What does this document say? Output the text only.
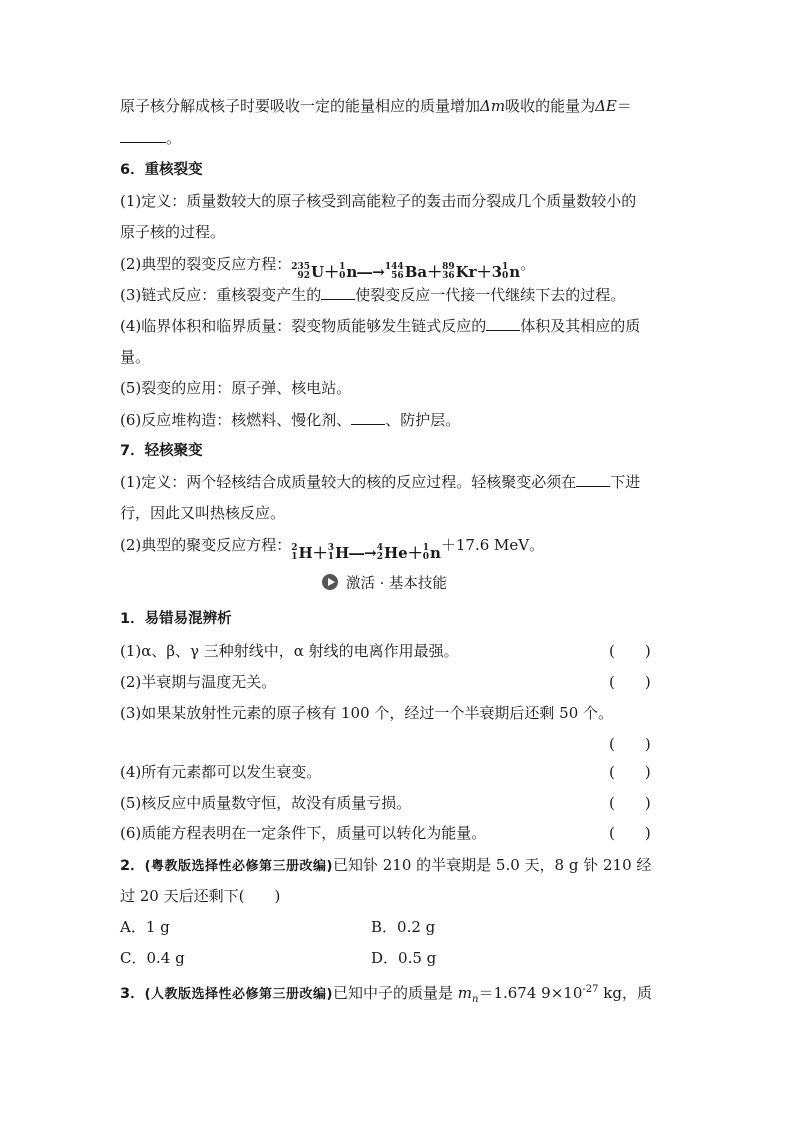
原子核分解成核子时要吸收一定的能量相应的质量增加Δm吸收的能量为ΔE＝
。
6．重核裂变
(1)定义：质量数较大的原子核受到高能粒子的轰击而分裂成几个质量数较小的
原子核的过程。
(2)典型的裂变反应方程： 235
92 U＋ 1
0 n―→ 144
56 Ba＋ 89
36 Kr＋3 1
0 n。
(3)链式反应：重核裂变产生的 使裂变反应一代接一代继续下去的过程。
(4)临界体积和临界质量：裂变物质能够发生链式反应的 体积及其相应的质
量。
(5)裂变的应用：原子弹、核电站。
(6)反应堆构造：核燃料、慢化剂、 、防护层。
7．轻核聚变
(1)定义：两个轻核结合成质量较大的核的反应过程。轻核聚变必须在 下进
行，因此又叫热核反应。
(2)典型的聚变反应方程： 2
1 H＋ 3
1 H―→ 4
2 He＋ 1
0 n＋17.6 MeV。
激活 · 基本技能
1．易错易混辨析
(1)α、β、γ 三种射线中，α 射线的电离作用最强。	(　　)
(2)半衰期与温度无关。	(　　)
(3)如果某放射性元素的原子核有 100 个，经过一个半衰期后还剩 50 个。
(　　)
(4)所有元素都可以发生衰变。	(　　)
(5)核反应中质量数守恒，故没有质量亏损。	(　　)
(6)质能方程表明在一定条件下，质量可以转化为能量。	(　　)
2．(粤教版选择性必修第三册改编)已知钋 210 的半衰期是 5.0 天，8 g 钋 210 经
过 20 天后还剩下(　　)
A．1 g	B．0.2 g
C．0.4 g	D．0.5 g
3．(人教版选择性必修第三册改编)已知中子的质量是 $m_n=1.674$ $9\times 10^{-27}$ kg，质
